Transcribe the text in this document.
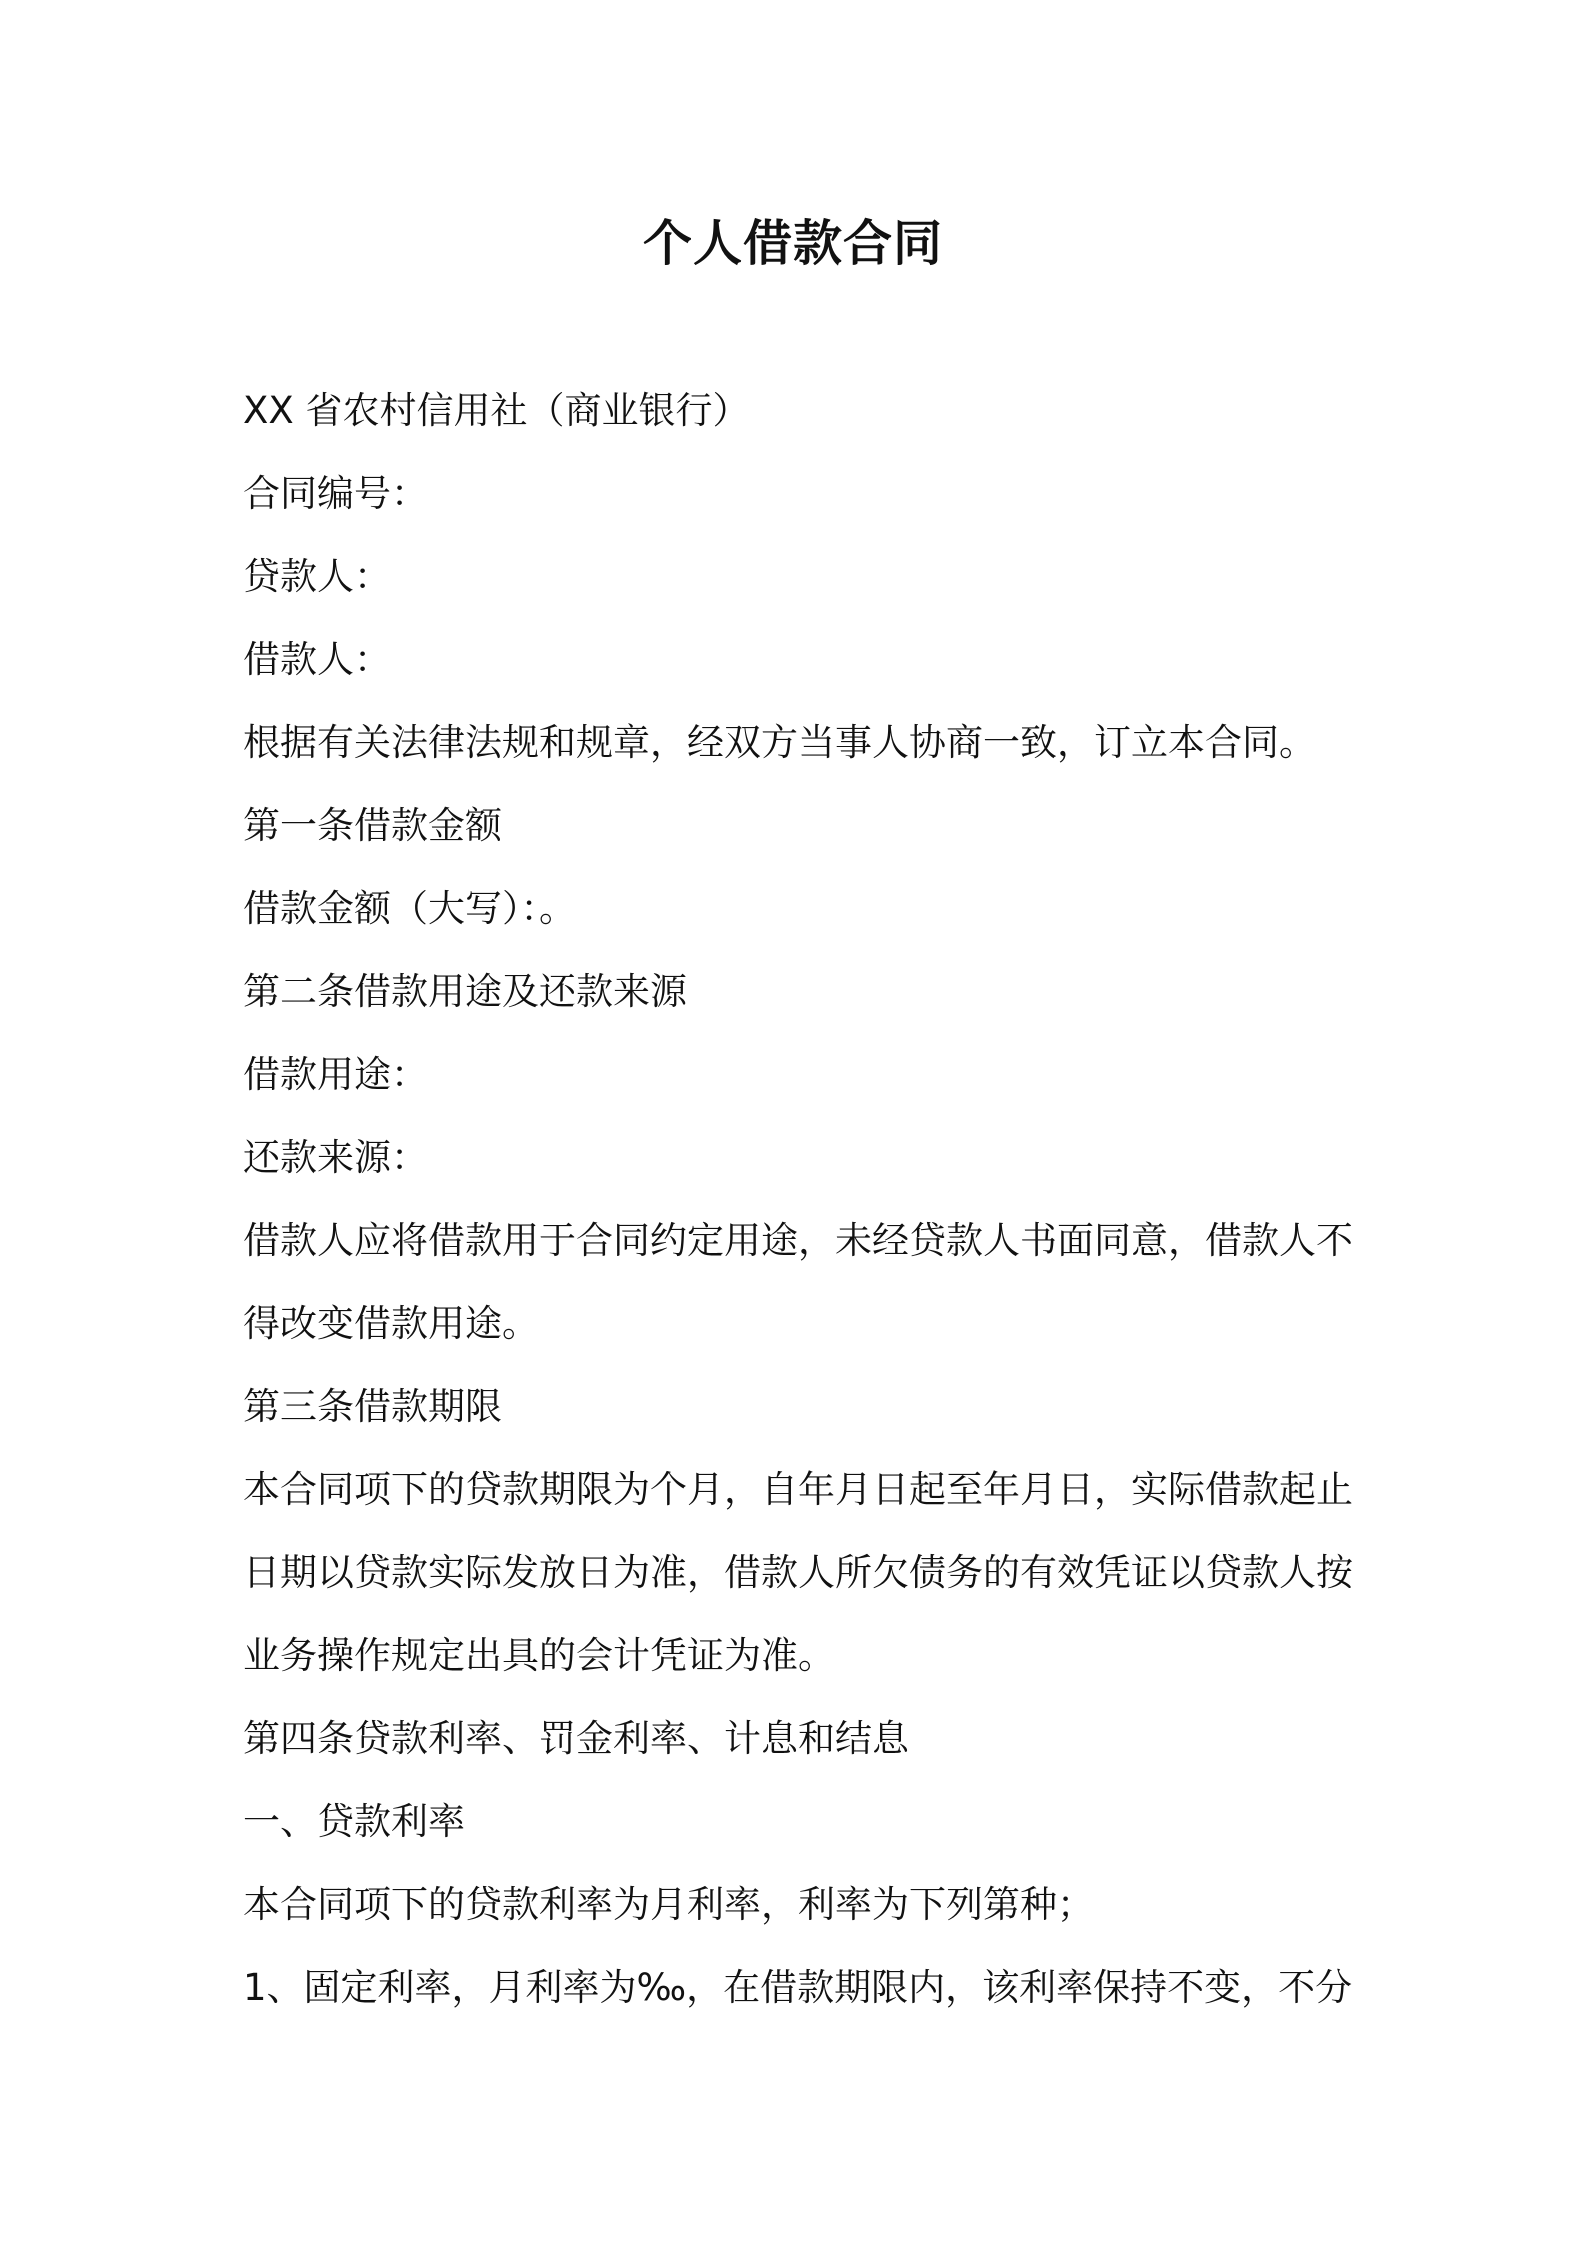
个人借款合同
XX 省农村信用社（商业银行）
合同编号：
贷款人：
借款人：
根据有关法律法规和规章，经双方当事人协商一致，订立本合同。
第一条借款金额
借款金额（大写）：。
第二条借款用途及还款来源
借款用途：
还款来源：
借款人应将借款用于合同约定用途，未经贷款人书面同意，借款人不
得改变借款用途。
第三条借款期限
本合同项下的贷款期限为个月，自年月日起至年月日，实际借款起止
日期以贷款实际发放日为准，借款人所欠债务的有效凭证以贷款人按
业务操作规定出具的会计凭证为准。
第四条贷款利率、罚金利率、计息和结息
一、贷款利率
本合同项下的贷款利率为月利率，利率为下列第种；
1、固定利率，月利率为‰，在借款期限内，该利率保持不变，不分
